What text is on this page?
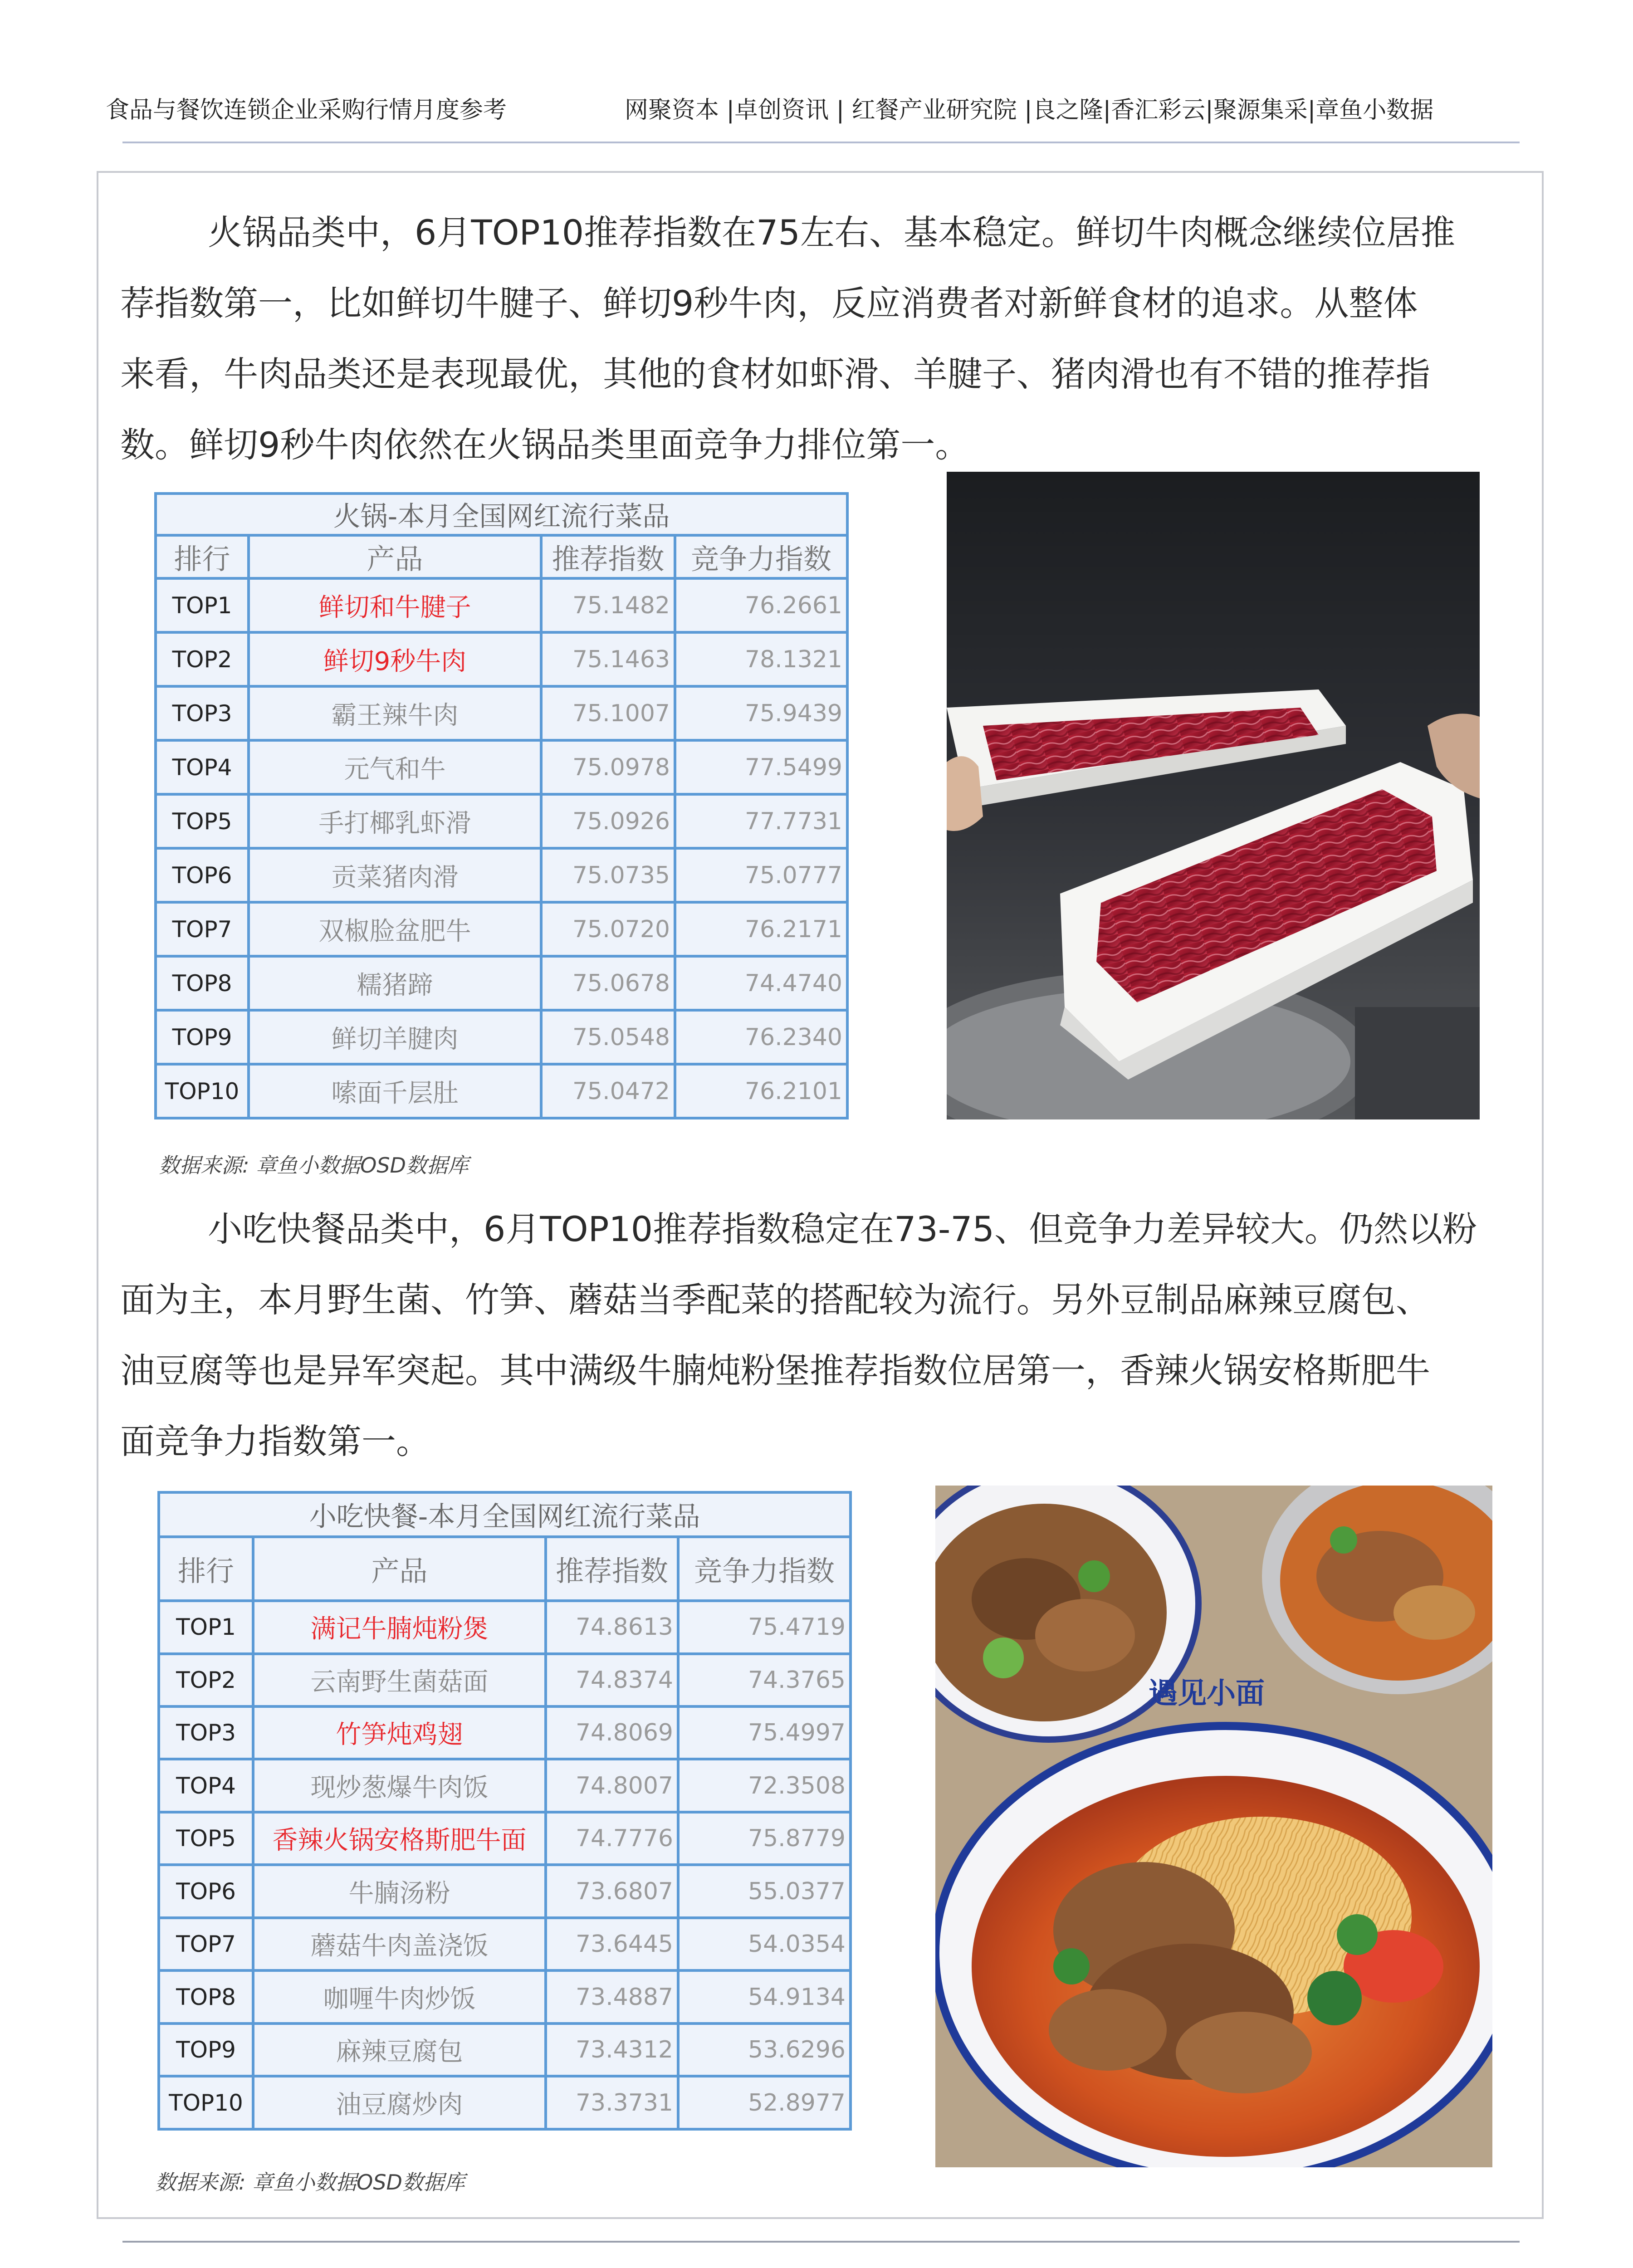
食品与餐饮连锁企业采购行情月度参考	网聚资本 |卓创资讯 | 红餐产业研究院 |良之隆|香汇彩云|聚源集采|章鱼小数据
火锅品类中，6月TOP10推荐指数在75左右、基本稳定。鲜切牛肉概念继续位居推
荐指数第一，比如鲜切牛腱子、鲜切9秒牛肉，反应消费者对新鲜食材的追求。从整体
来看，牛肉品类还是表现最优，其他的食材如虾滑、羊腱子、猪肉滑也有不错的推荐指
数。鲜切9秒牛肉依然在火锅品类里面竞争力排位第一。
火锅-本月全国网红流行菜品			
排行	产品	推荐指数	竞争力指数
TOP1	鲜切和牛腱子	75.1482	76.2661
TOP2	鲜切9秒牛肉	75.1463	78.1321
TOP3	霸王辣牛肉	75.1007	75.9439
TOP4	元气和牛	75.0978	77.5499
TOP5	手打椰乳虾滑	75.0926	77.7731
TOP6	贡菜猪肉滑	75.0735	75.0777
TOP7	双椒脸盆肥牛	75.0720	76.2171
TOP8	糯猪蹄	75.0678	74.4740
TOP9	鲜切羊腱肉	75.0548	76.2340
TOP10	嗦面千层肚	75.0472	76.2101
数据来源: 章鱼小数据OSD数据库
小吃快餐品类中，6月TOP10推荐指数稳定在73-75、但竞争力差异较大。仍然以粉
面为主，本月野生菌、竹笋、蘑菇当季配菜的搭配较为流行。另外豆制品麻辣豆腐包、
油豆腐等也是异军突起。其中满级牛腩炖粉堡推荐指数位居第一，香辣火锅安格斯肥牛
面竞争力指数第一。
小吃快餐-本月全国网红流行菜品			
排行	产品	推荐指数	竞争力指数
TOP1	满记牛腩炖粉煲	74.8613	75.4719
TOP2	云南野生菌菇面	74.8374	74.3765
TOP3	竹笋炖鸡翅	74.8069	75.4997
TOP4	现炒葱爆牛肉饭	74.8007	72.3508
TOP5	香辣火锅安格斯肥牛面	74.7776	75.8779
TOP6	牛腩汤粉	73.6807	55.0377
TOP7	蘑菇牛肉盖浇饭	73.6445	54.0354
TOP8	咖喱牛肉炒饭	73.4887	54.9134
TOP9	麻辣豆腐包	73.4312	53.6296
TOP10	油豆腐炒肉	73.3731	52.8977
数据来源: 章鱼小数据OSD数据库
遇见小面
